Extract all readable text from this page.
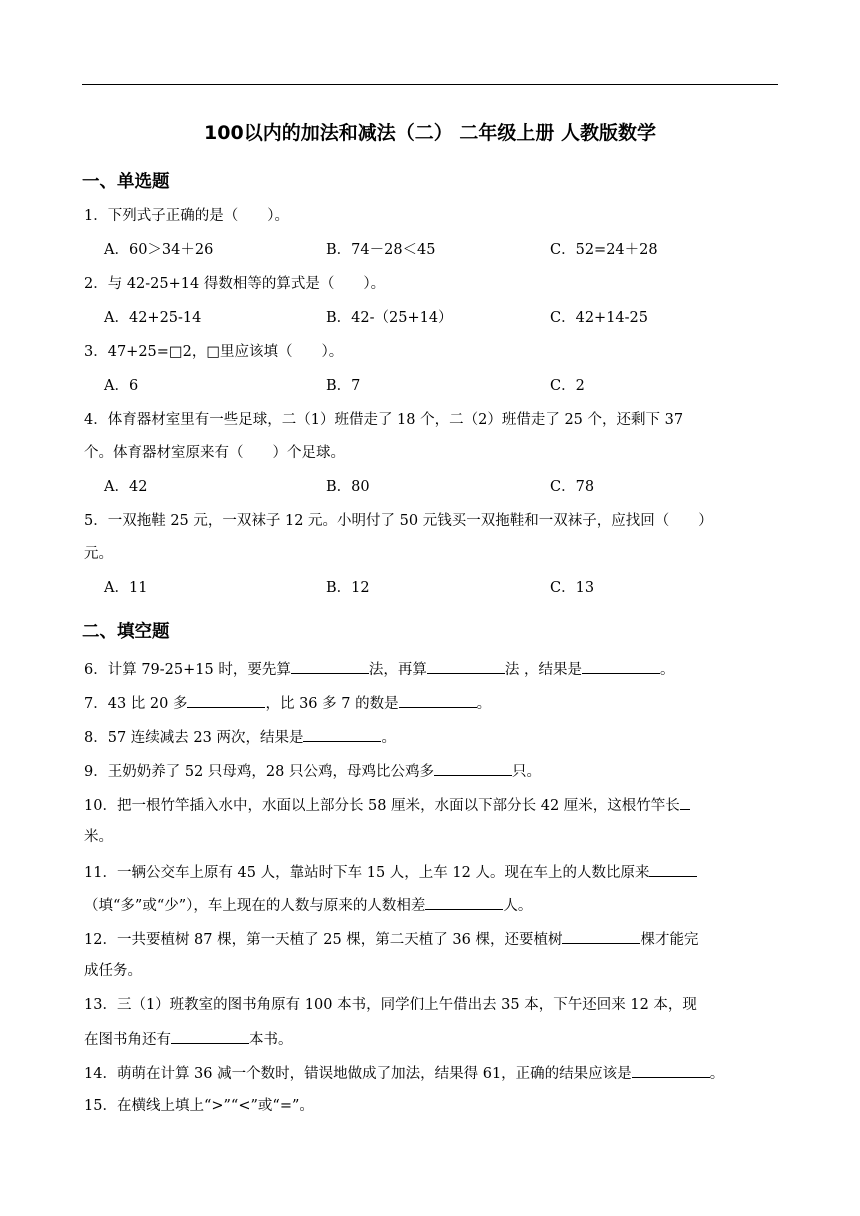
100以内的加法和减法（二） 二年级上册 人教版数学
一、单选题
1．下列式子正确的是（　　）。
A．60＞34＋26	B．74－28＜45	C．52=24＋28
2．与 42-25+14 得数相等的算式是（　　）。
A．42+25-14	B．42-（25+14）	C．42+14-25
3．47+25=□2，□里应该填（　　）。
A．6	B．7	C．2
4．体育器材室里有一些足球，二（1）班借走了 18 个，二（2）班借走了 25 个，还剩下 37
个。体育器材室原来有（　　）个足球。
A．42	B．80	C．78
5．一双拖鞋 25 元，一双袜子 12 元。小明付了 50 元钱买一双拖鞋和一双袜子，应找回（　　）
元。
A．11	B．12	C．13
二、填空题
6．计算 79-25+15 时，要先算	法，再算	法 ，结果是	。
7．43 比 20 多	，比 36 多 7 的数是	。
8．57 连续减去 23 两次，结果是	。
9．王奶奶养了 52 只母鸡，28 只公鸡，母鸡比公鸡多	只。
10．把一根竹竿插入水中，水面以上部分长 58 厘米，水面以下部分长 42 厘米，这根竹竿长
米。
11．一辆公交车上原有 45 人，靠站时下车 15 人，上车 12 人。现在车上的人数比原来
（填“多”或“少”），车上现在的人数与原来的人数相差	人。
12．一共要植树 87 棵，第一天植了 25 棵，第二天植了 36 棵，还要植树	棵才能完
成任务。
13．三（1）班教室的图书角原有 100 本书，同学们上午借出去 35 本，下午还回来 12 本，现
在图书角还有	本书。
14．萌萌在计算 36 减一个数时，错误地做成了加法，结果得 61，正确的结果应该是	。
15．在横线上填上“>”“<”或“=”。
